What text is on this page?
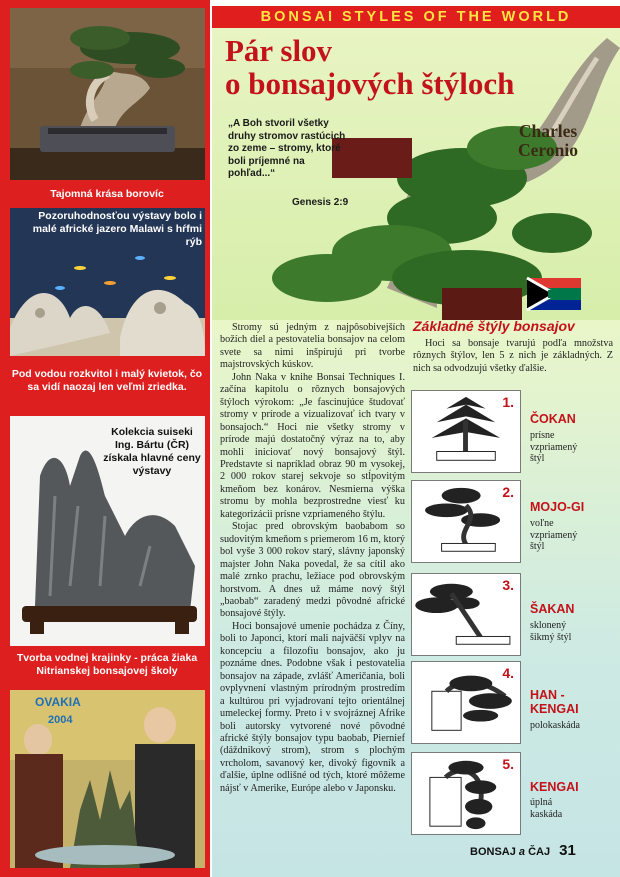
Tajomná krása borovíc
Pozoruhodnosťou výstavy bolo i malé africké jazero Malawi s hŕfmi rýb
Pod vodou rozkvitol i malý kvietok, čo sa vidí naozaj len veľmi zriedka.
Kolekcia suiseki Ing. Bártu (ČR) získala hlavné ceny výstavy
Tvorba vodnej krajinky - práca žiaka Nitrianskej bonsajovej školy
OVAKIA
2004
BONSAI STYLES OF THE WORLD
Pár slov
o bonsajových štýloch
„A Boh stvoril všetky druhy stromov rastúcich zo zeme – stromy, ktoré boli príjemné na pohľad...“
Genesis 2:9
Charles
Ceronio

Stromy sú jedným z najpôsobivejších božích diel a pestovatelia bonsajov na celom svete sa nimi inšpirujú pri tvorbe majstrovských kúskov.

John Naka v knihe Bonsai Techniques I. začína kapitolu o rôznych bonsajových štýloch výrokom: „Je fascinujúce študovať stromy v prírode a vizualizovať ich tvary v bonsajoch.“ Hoci nie všetky stromy v prírode majú dostatočný výraz na to, aby mohli iniciovať nový bonsajový štýl. Predstavte si napríklad obraz 90 m vysokej, 2 000 rokov starej sekvoje so stĺpovitým kmeňom bez konárov. Nesmierna výška stromu by mohla bezprostredne viesť ku kategorizácii prísne vzpriameného štýlu.

Stojac pred obrovským baobabom so sudovitým kmeňom s priemerom 16 m, ktorý bol vyše 3 000 rokov starý, slávny japonský majster John Naka povedal, že sa cítil ako malé zrnko prachu, ležiace pod obrovským horstvom. A dnes už máme nový štýl „baobab“ zaradený medzi pôvodné africké bonsajové štýly.

Hoci bonsajové umenie pochádza z Číny, boli to Japonci, ktorí mali najväčší vplyv na koncepciu a filozofiu bonsajov, ako ju poznáme dnes. Podobne však i pestovatelia bonsajov na západe, zvlášť Američania, boli ovplyvnení vlastným prírodným prostredím a kultúrou pri vyjadrovaní tejto orientálnej umeleckej formy. Preto i v svojráznej Afrike boli autorsky vytvorené nové pôvodné africké štýly bonsajov typu baobab, Piernief (dáždnikový strom), strom s plochým vrcholom, savanový ker, divoký figovník a ďalšie, úplne odlišné od tých, ktoré môžeme nájsť v Amerike, Európe alebo v Japonsku.

Základné štýly bonsajov
Hoci sa bonsaje tvarujú podľa množstva rôznych štýlov, len 5 z nich je základných. Z nich sa odvodzujú všetky ďalšie.
1.
ČOKAN
prísne vzpriamený štýl
2.
MOJO-GI
voľne vzpriamený štýl
3.
ŠAKAN
sklonený šikmý štýl
4.
HAN -KENGAI
polokaskáda
5.
KENGAI
úplná kaskáda
BONSAJ a ČAJ 31
